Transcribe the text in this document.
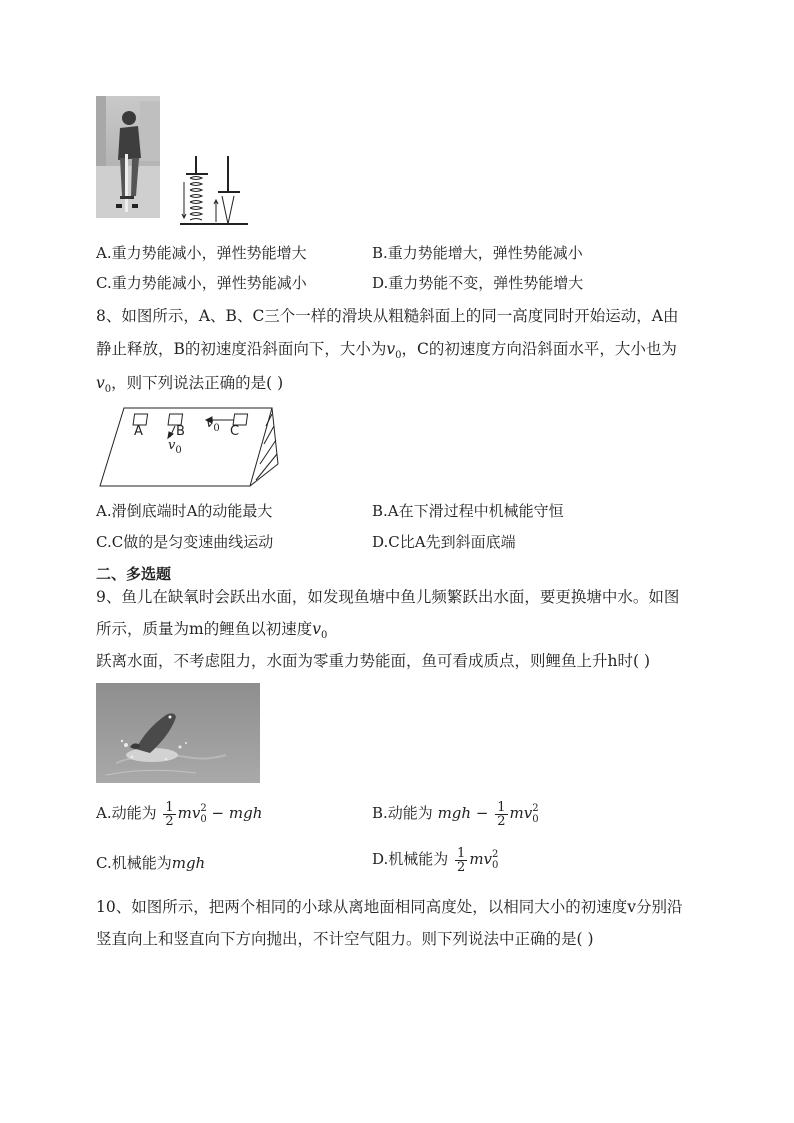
A.重力势能减小，弹性势能增大	B.重力势能增大，弹性势能减小
C.重力势能减小，弹性势能减小	D.重力势能不变，弹性势能增大
8、如图所示，A、B、C三个一样的滑块从粗糙斜面上的同一高度同时开始运动，A由
静止释放，B的初速度沿斜面向下，大小为$v_0$，C的初速度方向沿斜面水平，大小也为
$v_0$，则下列说法正确的是( )
A	B	C
$v_0$
$v_0$
A.滑倒底端时A的动能最大	B.A在下滑过程中机械能守恒
C.C做的是匀变速曲线运动	D.C比A先到斜面底端
二、多选题
9、鱼儿在缺氧时会跃出水面，如发现鱼塘中鱼儿频繁跃出水面，要更换塘中水。如图
所示，质量为m的鲤鱼以初速度$v_0$
跃离水面，不考虑阻力，水面为零重力势能面，鱼可看成质点，则鲤鱼上升h时( )
A.动能为 $\frac{1}{2}$ mv 2
$_0$ − mgh	B.动能为 mgh − $\frac{1}{2}$ mv 2
$_0$
C.机械能为mgh	D.机械能为 $\frac{1}{2}$ mv 2
$_0$
10、如图所示，把两个相同的小球从离地面相同高度处，以相同大小的初速度v分别沿
竖直向上和竖直向下方向抛出，不计空气阻力。则下列说法中正确的是( )
